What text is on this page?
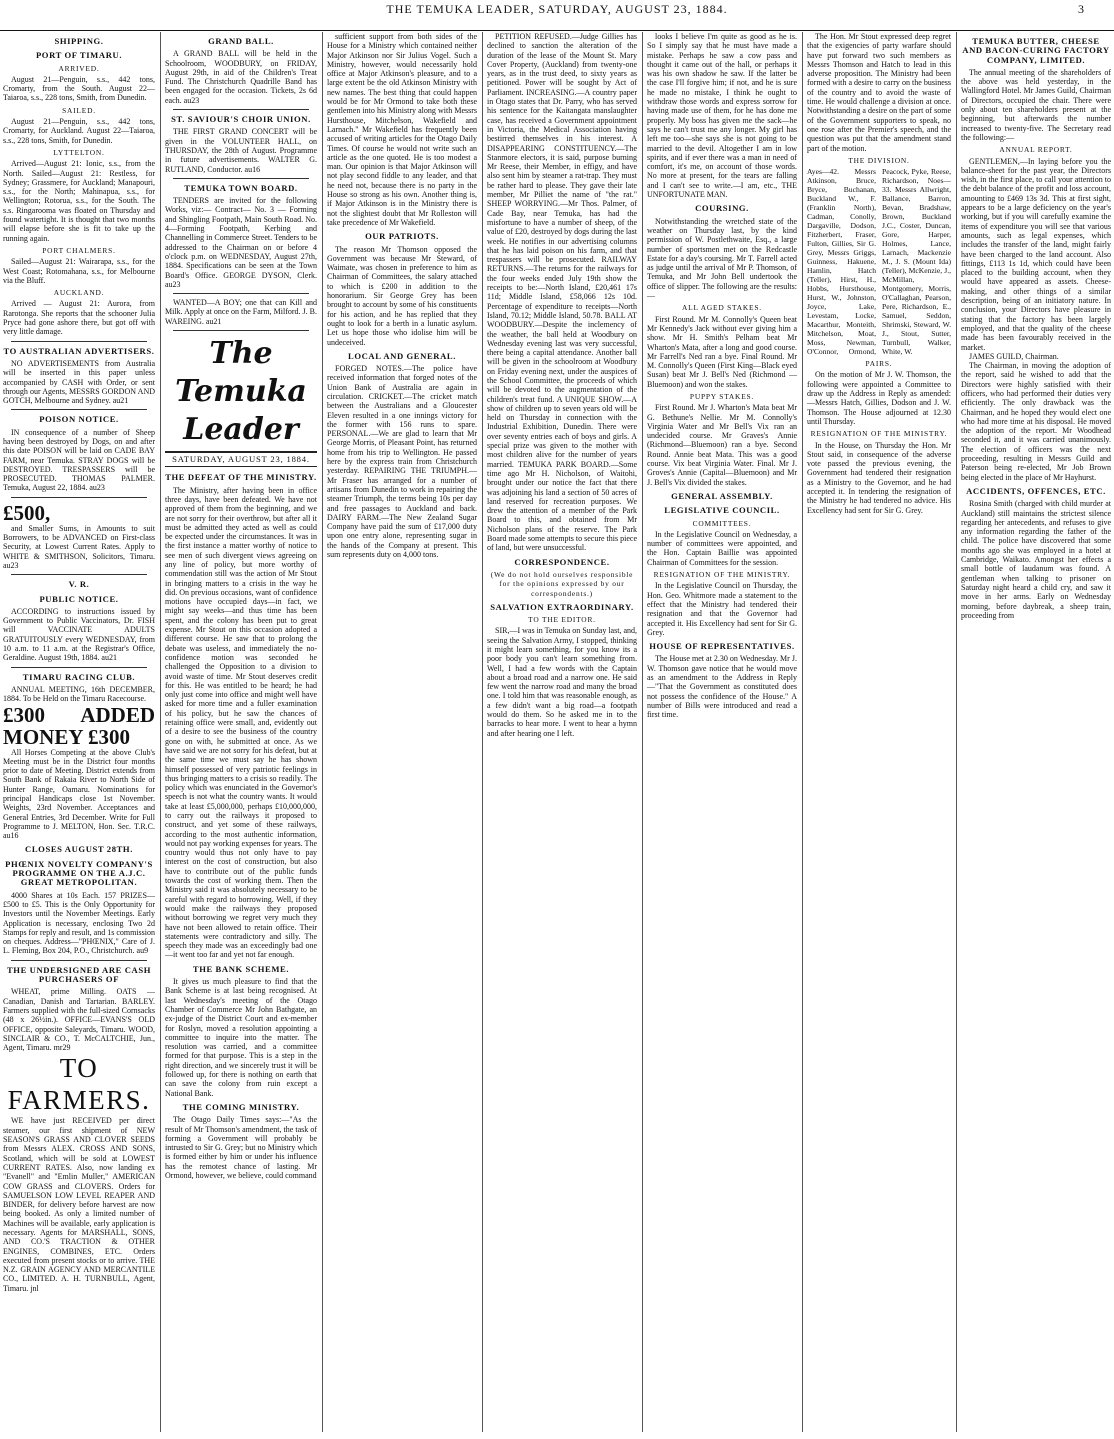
THE TEMUKA LEADER, SATURDAY, AUGUST 23, 1884.	3
SHIPPING.
PORT OF TIMARU.
ARRIVED.

August 21—Penguin, s.s., 442 tons, Cromarty, from the South. August 22—Taiaroa, s.s., 228 tons, Smith, from Dunedin.

SAILED.

August 21—Penguin, s.s., 442 tons, Cromarty, for Auckland. August 22—Taiaroa, s.s., 228 tons, Smith, for Dunedin.

LYTTELTON.

Arrived—August 21: Ionic, s.s., from the North. Sailed—August 21: Restless, for Sydney; Grassmere, for Auckland; Manapouri, s.s., for the North; Mahinapua, s.s., for Wellington; Rotorua, s.s., for the South. The s.s. Ringarooma was floated on Thursday and found watertight. It is thought that two months will elapse before she is fit to take up the running again.

PORT CHALMERS.

Sailed—August 21: Wairarapa, s.s., for the West Coast; Rotomahana, s.s., for Melbourne via the Bluff.

AUCKLAND.

Arrived — August 21: Aurora, from Rarotonga. She reports that the schooner Julia Pryce had gone ashore there, but got off with very little damage.

TO AUSTRALIAN ADVERTISERS.

NO ADVERTISEMENTS from Australia will be inserted in this paper unless accompanied by CASH with Order, or sent through our Agents, MESSRS GORDON AND GOTCH, Melbourne and Sydney. au21

POISON NOTICE.

IN consequence of a number of Sheep having been destroyed by Dogs, on and after this date POISON will be laid on CADE BAY FARM, near Temuka. STRAY DOGS will be DESTROYED. TRESPASSERS will be PROSECUTED. THOMAS PALMER. Temuka, August 22, 1884. au23

£500,

and Smaller Sums, in Amounts to suit Borrowers, to be ADVANCED on First-class Security, at Lowest Current Rates. Apply to WHITE & SMITHSON, Solicitors, Timaru. au23

V. R.
PUBLIC NOTICE.

ACCORDING to instructions issued by Government to Public Vaccinators, Dr. FISH will VACCINATE ADULTS GRATUITOUSLY every WEDNESDAY, from 10 a.m. to 11 a.m. at the Registrar's Office, Geraldine. August 19th, 1884. au21

TIMARU RACING CLUB.

ANNUAL MEETING, 16th DECEMBER, 1884. To be Held on the Timaru Racecourse.

£300 ADDED MONEY £300

All Horses Competing at the above Club's Meeting must be in the District four months prior to date of Meeting. District extends from South Bank of Rakaia River to North Side of Hunter Range, Oamaru. Nominations for principal Handicaps close 1st November. Weights, 23rd November. Acceptances and General Entries, 3rd December. Write for Full Programme to J. MELTON, Hon. Sec. T.R.C. au16

CLOSES AUGUST 28TH.
PHŒNIX NOVELTY COMPANY'S PROGRAMME ON THE A.J.C. GREAT METROPOLITAN.

4000 Shares at 10s Each. 157 PRIZES—£500 to £5. This is the Only Opportunity for Investors until the November Meetings. Early Application is necessary, enclosing Two 2d Stamps for reply and result, and 1s commission on cheques. Address—"PHŒNIX," Care of J. L. Fleming, Box 204, P.O., Christchurch. au9

THE UNDERSIGNED ARE CASH PURCHASERS OF

WHEAT, prime Milling. OATS — Canadian, Danish and Tartarian. BARLEY. Farmers supplied with the full-sized Cornsacks (48 x 26½in.). OFFICE—EVANS'S OLD OFFICE, opposite Saleyards, Timaru. WOOD, SINCLAIR & CO., T. McCALTCHIE, Jun., Agent, Timaru. mr29

TO FARMERS.

WE have just RECEIVED per direct steamer, our first shipment of NEW SEASON'S GRASS AND CLOVER SEEDS from Messrs ALEX. CROSS AND SONS, Scotland, which will be sold at LOWEST CURRENT RATES. Also, now landing ex "Evanell" and "Emlin Muller," AMERICAN COW GRASS and CLOVERS. Orders for SAMUELSON LOW LEVEL REAPER AND BINDER, for delivery before harvest are now being booked. As only a limited number of Machines will be available, early application is necessary. Agents for MARSHALL, SONS, AND CO.'S TRACTION & OTHER ENGINES, COMBINES, ETC. Orders executed from present stocks or to arrive. THE N.Z. GRAIN AGENCY AND MERCANTILE CO., LIMITED. A. H. TURNBULL, Agent, Timaru. jnl

GRAND BALL.

A GRAND BALL will be held in the Schoolroom, WOODBURY, on FRIDAY, August 29th, in aid of the Children's Treat Fund. The Christchurch Quadrille Band has been engaged for the occasion. Tickets, 2s 6d each. au23

ST. SAVIOUR'S CHOIR UNION.

THE FIRST GRAND CONCERT will be given in the VOLUNTEER HALL, on THURSDAY, the 28th of August. Programme in future advertisements. WALTER G. RUTLAND, Conductor. au16

TEMUKA TOWN BOARD.

TENDERS are invited for the following Works, viz:— Contract— No. 3 — Forming and Shingling Footpath, Main South Road. No. 4—Forming Footpath, Kerbing and Channelling in Commerce Street. Tenders to be addressed to the Chairman on or before 4 o'clock p.m. on WEDNESDAY, August 27th, 1884. Specifications can be seen at the Town Board's Office. GEORGE DYSON, Clerk. au23

WANTED—A BOY; one that can Kill and Milk. Apply at once on the Farm, Milford. J. B. WAREING. au21

The Temuka Leader
SATURDAY, AUGUST 23, 1884.
THE DEFEAT OF THE MINISTRY.

The Ministry, after having been in office three days, have been defeated. We have not approved of them from the beginning, and we are not sorry for their overthrow, but after all it must be admitted they acted as well as could be expected under the circumstances. It was in the first instance a matter worthy of notice to see men of such divergent views agreeing on any line of policy, but more worthy of commendation still was the action of Mr Stout in bringing matters to a crisis in the way he did. On previous occasions, want of confidence motions have occupied days—in fact, we might say weeks—and thus time has been spent, and the colony has been put to great expense. Mr Stout on this occasion adopted a different course. He saw that to prolong the debate was useless, and immediately the no-confidence motion was seconded he challenged the Opposition to a division to avoid waste of time. Mr Stout deserves credit for this. He was entitled to be heard; he had only just come into office and might well have asked for more time and a fuller examination of his policy, but he saw the chances of retaining office were small, and, evidently out of a desire to see the business of the country gone on with, he submitted at once. As we have said we are not sorry for his defeat, but at the same time we must say he has shown himself possessed of very patriotic feelings in thus bringing matters to a crisis so readily. The policy which was enunciated in the Governor's speech is not what the country wants. It would take at least £5,000,000, perhaps £10,000,000, to carry out the railways it proposed to construct, and yet some of these railways, according to the most authentic information, would not pay working expenses for years. The country would thus not only have to pay interest on the cost of construction, but also have to contribute out of the public funds towards the cost of working them. Then the Ministry said it was absolutely necessary to be careful with regard to borrowing. Well, if they would make the railways they proposed without borrowing we regret very much they have not been allowed to retain office. Their statements were contradictory and silly. The speech they made was an exceedingly bad one—it went too far and yet not far enough.

THE BANK SCHEME.

It gives us much pleasure to find that the Bank Scheme is at last being recognised. At last Wednesday's meeting of the Otago Chamber of Commerce Mr John Bathgate, an ex-judge of the District Court and ex-member for Roslyn, moved a resolution appointing a committee to inquire into the matter. The resolution was carried, and a committee formed for that purpose. This is a step in the right direction, and we sincerely trust it will be followed up, for there is nothing on earth that can save the colony from ruin except a National Bank.

THE COMING MINISTRY.

The Otago Daily Times says:—"As the result of Mr Thomson's amendment, the task of forming a Government will probably be intrusted to Sir G. Grey; but no Ministry which is formed either by him or under his influence has the remotest chance of lasting. Mr Ormond, however, we believe, could command

sufficient support from both sides of the House for a Ministry which contained neither Major Atkinson nor Sir Julius Vogel. Such a Ministry, however, would necessarily hold office at Major Atkinson's pleasure, and to a large extent be the old Atkinson Ministry with new names. The best thing that could happen would be for Mr Ormond to take both these gentlemen into his Ministry along with Messrs Hursthouse, Mitchelson, Wakefield and Larnach." Mr Wakefield has frequently been accused of writing articles for the Otago Daily Times. Of course he would not write such an article as the one quoted. He is too modest a man. Our opinion is that Major Atkinson will not play second fiddle to any leader, and that he need not, because there is no party in the House so strong as his own. Another thing is, if Major Atkinson is in the Ministry there is not the slightest doubt that Mr Rolleston will take precedence of Mr Wakefield.

OUR PATRIOTS.

The reason Mr Thomson opposed the Government was because Mr Steward, of Waimate, was chosen in preference to him as Chairman of Committees, the salary attached to which is £200 in addition to the honorarium. Sir George Grey has been brought to account by some of his constituents for his action, and he has replied that they ought to look for a berth in a lunatic asylum. Let us hope those who idolise him will be undeceived.

LOCAL AND GENERAL.

FORGED NOTES.—The police have received information that forged notes of the Union Bank of Australia are again in circulation. CRICKET.—The cricket match between the Australians and a Gloucester Eleven resulted in a one innings victory for the former with 156 runs to spare. PERSONAL.—We are glad to learn that Mr George Morris, of Pleasant Point, has returned home from his trip to Wellington. He passed here by the express train from Christchurch yesterday. REPAIRING THE TRIUMPH.—Mr Fraser has arranged for a number of artisans from Dunedin to work in repairing the steamer Triumph, the terms being 10s per day and free passages to Auckland and back. DAIRY FARM.—The New Zealand Sugar Company have paid the sum of £17,000 duty upon one entry alone, representing sugar in the hands of the Company at present. This sum represents duty on 4,000 tons.

PETITION REFUSED.—Judge Gillies has declined to sanction the alteration of the duration of the lease of the Mount St. Mary Cover Property, (Auckland) from twenty-one years, as in the trust deed, to sixty years as petitioned. Power will be sought by Act of Parliament. INCREASING.—A country paper in Otago states that Dr. Parry, who has served his sentence for the Kaitangata manslaughter case, has received a Government appointment in Victoria, the Medical Association having bestirred themselves in his interest. A DISAPPEARING CONSTITUENCY.—The Stanmore electors, it is said, purpose burning Mr Reese, their Member, in effigy, and have also sent him by steamer a rat-trap. They must be rather hard to please. They gave their late member, Mr Pilliet the name of "the rat." SHEEP WORRYING.—Mr Thos. Palmer, of Cade Bay, near Temuka, has had the misfortune to have a number of sheep, of the value of £20, destroyed by dogs during the last week. He notifies in our advertising columns that he has laid poison on his farm, and that trespassers will be prosecuted. RAILWAY RETURNS.—The returns for the railways for the four weeks ended July 19th show the receipts to be:—North Island, £20,461 17s 11d; Middle Island, £58,066 12s 10d. Percentage of expenditure to receipts—North Island, 70.12; Middle Island, 50.78. BALL AT WOODBURY.—Despite the inclemency of the weather, the ball held at Woodbury on Wednesday evening last was very successful, there being a capital attendance. Another ball will be given in the schoolroom at Woodbury on Friday evening next, under the auspices of the School Committee, the proceeds of which will be devoted to the augmentation of the children's treat fund. A UNIQUE SHOW.—A show of children up to seven years old will be held on Thursday in connection with the Industrial Exhibition, Dunedin. There were over seventy entries each of boys and girls. A special prize was given to the mother with most children alive for the number of years married. TEMUKA PARK BOARD.—Some time ago Mr H. Nicholson, of Waitohi, brought under our notice the fact that there was adjoining his land a section of 50 acres of land reserved for recreation purposes. We drew the attention of a member of the Park Board to this, and obtained from Mr Nicholson plans of the reserve. The Park Board made some attempts to secure this piece of land, but were unsuccessful.

CORRESPONDENCE.
(We do not hold ourselves responsible for the opinions expressed by our correspondents.)
SALVATION EXTRAORDINARY.
TO THE EDITOR.

SIR,—I was in Temuka on Sunday last, and, seeing the Salvation Army, I stopped, thinking it might learn something, for you know its a poor body you can't learn something from. Well, I had a few words with the Captain about a broad road and a narrow one. He said few went the narrow road and many the broad one. I told him that was reasonable enough, as a few didn't want a big road—a footpath would do them. So he asked me in to the barracks to hear more. I went to hear a hymn and after hearing one I left.

looks I believe I'm quite as good as he is. So I simply say that he must have made a mistake. Perhaps he saw a cow pass and thought it came out of the hall, or perhaps it was his own shadow he saw. If the latter be the case I'll forgive him; if not, and he is sure he made no mistake, I think he ought to withdraw those words and express sorrow for having made use of them, for he has done me properly. My boss has given me the sack—he says he can't trust me any longer. My girl has left me too—she says she is not going to be married to the devil. Altogether I am in low spirits, and if ever there was a man in need of comfort, it's me, on account of those words. No more at present, for the tears are falling and I can't see to write.—I am, etc., THE UNFORTUNATE MAN.

COURSING.

Notwithstanding the wretched state of the weather on Thursday last, by the kind permission of W. Postlethwaite, Esq., a large number of sportsmen met on the Redcastle Estate for a day's coursing. Mr T. Farrell acted as judge until the arrival of Mr P. Thomson, of Temuka, and Mr John Bell undertook the office of slipper. The following are the results:—

ALL AGED STAKES.

First Round. Mr M. Connolly's Queen beat Mr Kennedy's Jack without ever giving him a show. Mr H. Smith's Pelham beat Mr Wharton's Mata, after a long and good course. Mr Farrell's Ned ran a bye. Final Round. Mr M. Connolly's Queen (First King—Black eyed Susan) beat Mr J. Bell's Ned (Richmond — Bluemoon) and won the stakes.

PUPPY STAKES.

First Round. Mr J. Wharton's Mata beat Mr G. Bethune's Nellie. Mr M. Connolly's Virginia Water and Mr Bell's Vix ran an undecided course. Mr Graves's Annie (Richmond—Bluemoon) ran a bye. Second Round. Annie beat Mata. This was a good course. Vix beat Virginia Water. Final. Mr J. Groves's Annie (Capital—Bluemoon) and Mr J. Bell's Vix divided the stakes.

GENERAL ASSEMBLY.
LEGISLATIVE COUNCIL.
COMMITTEES.

In the Legislative Council on Wednesday, a number of committees were appointed, and the Hon. Captain Baillie was appointed Chairman of Committees for the session.

RESIGNATION OF THE MINISTRY.

In the Legislative Council on Thursday, the Hon. Geo. Whitmore made a statement to the effect that the Ministry had tendered their resignation and that the Governor had accepted it. His Excellency had sent for Sir G. Grey.

HOUSE OF REPRESENTATIVES.

The House met at 2.30 on Wednesday. Mr J. W. Thomson gave notice that he would move as an amendment to the Address in Reply—"That the Government as constituted does not possess the confidence of the House." A number of Bills were introduced and read a first time.

The Hon. Mr Stout expressed deep regret that the exigencies of party warfare should have put forward two such members as Messrs Thomson and Hatch to lead in this adverse proposition. The Ministry had been formed with a desire to carry on the business of the country and to avoid the waste of time. He would challenge a division at once. Notwithstanding a desire on the part of some of the Government supporters to speak, no one rose after the Premier's speech, and the question was put that the amendment stand part of the motion.

THE DIVISION.
Ayes—42. Messrs Atkinson, Bruce, Bryce, Buchanan, Buckland W., F. (Franklin North), Cadman, Conolly, Dargaville, Dodson, Fitzherbert, Fraser, Fulton, Gillies, Sir G. Grey, Messrs Griggs, Guinness, Hakuene, Hamlin, Hatch (Teller), Hirst, H., Hobbs, Hursthouse, Hurst, W., Johnston, Joyce, Lake, Levestam, Locke, Macarthur, Monteith, Mitchelson, Moat, Moss, Newman, O'Connor, Ormond, Peacock, Pyke, Reese, Richardson, Noes—33. Messrs Allwright, Ballance, Barron, Bevan, Bradshaw, Brown, Buckland J.C., Coster, Duncan, Gore, Harper, Holmes, Lance, Larnach, Mackenzie M., J. S. (Mount Ida) (Teller), McKenzie, J., McMillan, Montgomery, Morris, O'Callaghan, Pearson, Pere, Richardson, E., Samuel, Seddon, Shrimski, Steward, W. J., Stout, Sutter, Turnbull, Walker, White, W.
PAIRS.

On the motion of Mr J. W. Thomson, the following were appointed a Committee to draw up the Address in Reply as amended:—Messrs Hatch, Gillies, Dodson and J. W. Thomson. The House adjourned at 12.30 until Thursday.

RESIGNATION OF THE MINISTRY.

In the House, on Thursday the Hon. Mr Stout said, in consequence of the adverse vote passed the previous evening, the Government had tendered their resignation as a Ministry to the Governor, and he had accepted it. In tendering the resignation of the Ministry he had tendered no advice. His Excellency had sent for Sir G. Grey.

TEMUKA BUTTER, CHEESE AND BACON-CURING FACTORY COMPANY, LIMITED.

The annual meeting of the shareholders of the above was held yesterday, in the Wallingford Hotel. Mr James Guild, Chairman of Directors, occupied the chair. There were only about ten shareholders present at the beginning, but afterwards the number increased to twenty-five. The Secretary read the following:—

ANNUAL REPORT.

GENTLEMEN,—In laying before you the balance-sheet for the past year, the Directors wish, in the first place, to call your attention to the debt balance of the profit and loss account, amounting to £469 13s 3d. This at first sight, appears to be a large deficiency on the year's working, but if you will carefully examine the items of expenditure you will see that various amounts, such as legal expenses, which includes the transfer of the land, might fairly have been charged to the land account. Also fittings, £113 1s 1d, which could have been placed to the building account, when they would have appeared as assets. Cheese-making, and other things of a similar description, being of an initiatory nature. In conclusion, your Directors have pleasure in stating that the factory has been largely employed, and that the quality of the cheese made has been favourably received in the market.

JAMES GUILD, Chairman.

The Chairman, in moving the adoption of the report, said he wished to add that the Directors were highly satisfied with their officers, who had performed their duties very efficiently. The only drawback was the Chairman, and he hoped they would elect one who had more time at his disposal. He moved the adoption of the report. Mr Woodhead seconded it, and it was carried unanimously. The election of officers was the next proceeding, resulting in Messrs Guild and Paterson being re-elected, Mr Job Brown being elected in the place of Mr Hayhurst.

ACCIDENTS, OFFENCES, ETC.

Rosina Smith (charged with child murder at Auckland) still maintains the strictest silence regarding her antecedents, and refuses to give any information regarding the father of the child. The police have discovered that some months ago she was employed in a hotel at Cambridge, Waikato. Amongst her effects a small bottle of laudanum was found. A gentleman when talking to prisoner on Saturday night heard a child cry, and saw it move in her arms. Early on Wednesday morning, before daybreak, a sheep train, proceeding from
